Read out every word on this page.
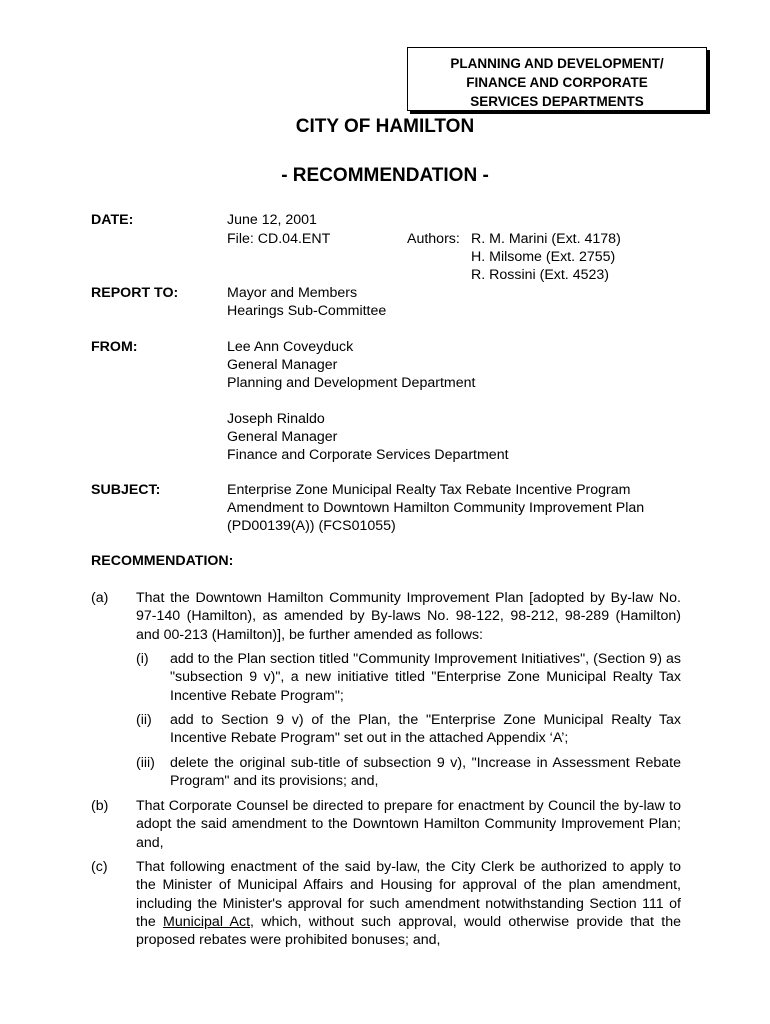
PLANNING AND DEVELOPMENT/
FINANCE AND CORPORATE
SERVICES DEPARTMENTS
CITY OF HAMILTON
- RECOMMENDATION -
DATE:	June 12, 2001
File: CD.04.ENT	Authors: R. M. Marini (Ext. 4178)
H. Milsome (Ext. 2755)
R. Rossini (Ext. 4523)
REPORT TO:	Mayor and Members
Hearings Sub-Committee
FROM:	Lee Ann Coveyduck
General Manager
Planning and Development Department
Joseph Rinaldo
General Manager
Finance and Corporate Services Department
SUBJECT:	Enterprise Zone Municipal Realty Tax Rebate Incentive Program
Amendment to Downtown Hamilton Community Improvement Plan
(PD00139(A)) (FCS01055)
RECOMMENDATION:
(a) That the Downtown Hamilton Community Improvement Plan [adopted by By-law No. 97-140 (Hamilton), as amended by By-laws No. 98-122, 98-212, 98-289 (Hamilton) and 00-213 (Hamilton)], be further amended as follows:
(i) add to the Plan section titled "Community Improvement Initiatives", (Section 9) as "subsection 9 v)", a new initiative titled "Enterprise Zone Municipal Realty Tax Incentive Rebate Program";
(ii) add to Section 9 v) of the Plan, the "Enterprise Zone Municipal Realty Tax Incentive Rebate Program" set out in the attached Appendix ‘A’;
(iii) delete the original sub-title of subsection 9 v), "Increase in Assessment Rebate Program" and its provisions; and,
(b) That Corporate Counsel be directed to prepare for enactment by Council the by-law to adopt the said amendment to the Downtown Hamilton Community Improvement Plan; and,
(c) That following enactment of the said by-law, the City Clerk be authorized to apply to the Minister of Municipal Affairs and Housing for approval of the plan amendment, including the Minister's approval for such amendment notwithstanding Section 111 of the Municipal Act, which, without such approval, would otherwise provide that the proposed rebates were prohibited bonuses; and,
